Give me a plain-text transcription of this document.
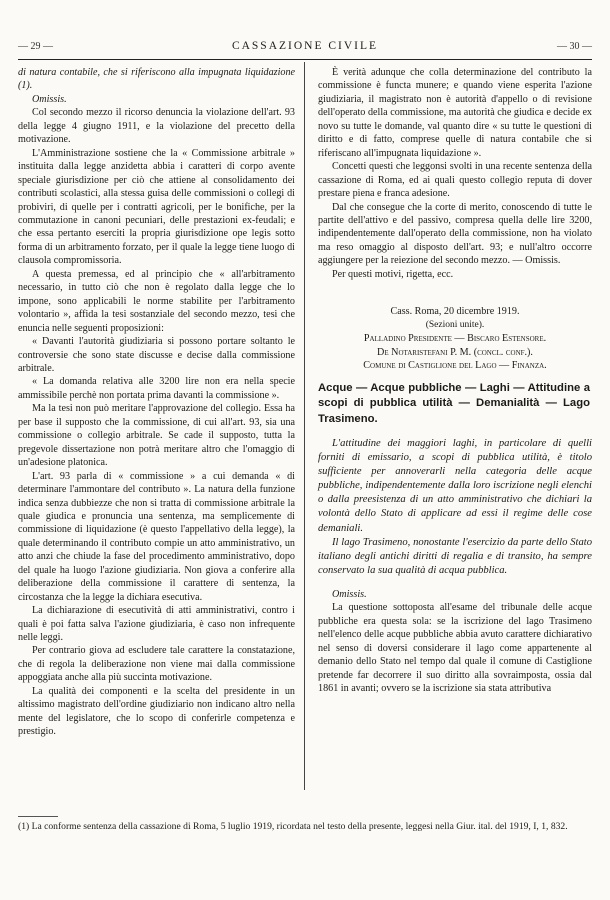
— 29 —	CASSAZIONE CIVILE	— 30 —

di natura contabile, che si riferiscono alla impugnata liquidazione (1).

Omissis.

Col secondo mezzo il ricorso denuncia la violazione dell'art. 93 della legge 4 giugno 1911, e la violazione del precetto della motivazione.

L'Amministrazione sostiene che la « Commissione arbitrale » instituita dalla legge anzidetta abbia i caratteri di corpo avente speciale giurisdizione per ciò che attiene al consolidamento dei contributi scolastici, alla stessa guisa delle commissioni o collegi di probiviri, di quelle per i contratti agricoli, per le bonifiche, per la commutazione in canoni pecuniari, delle prestazioni ex-feudali; e che essa pertanto eserciti la propria giurisdizione ope legis sotto forma di un arbitramento forzato, per il quale la legge tiene luogo di clausola compromissoria.

A questa premessa, ed al principio che « all'arbitramento necessario, in tutto ciò che non è regolato dalla legge che lo impone, sono applicabili le norme stabilite per l'arbitramento volontario », affida la tesi sostanziale del secondo mezzo, tesi che enuncia nelle seguenti proposizioni:

« Davanti l'autorità giudiziaria si possono portare soltanto le controversie che sono state discusse e decise dalla commissione arbitrale.

« La domanda relativa alle 3200 lire non era nella specie ammissibile perchè non portata prima davanti la commissione ».

Ma la tesi non può meritare l'approvazione del collegio. Essa ha per base il supposto che la commissione, di cui all'art. 93, sia una commissione o collegio arbitrale. Se cade il supposto, tutta la pregevole dissertazione non potrà meritare altro che l'omaggio di un'adesione platonica.

L'art. 93 parla di « commissione » a cui demanda « di determinare l'ammontare del contributo ». La natura della funzione indica senza dubbiezze che non si tratta di commissione arbitrale la quale giudica e pronuncia una sentenza, ma semplicemente di commissione di liquidazione (è questo l'appellativo della legge), la quale determinando il contributo compie un atto amministrativo, un atto anzi che chiude la fase del procedimento amministrativo, dopo del quale ha luogo l'azione giudiziaria. Non giova a conferire alla deliberazione della commissione il carattere di sentenza, la circostanza che la legge la dichiara esecutiva.

La dichiarazione di esecutività di atti amministrativi, contro i quali è poi fatta salva l'azione giudiziaria, è caso non infrequente nelle leggi.

Per contrario giova ad escludere tale carattere la constatazione, che di regola la deliberazione non viene mai dalla commissione appoggiata anche alla più succinta motivazione.

La qualità dei componenti e la scelta del presidente in un altissimo magistrato dell'ordine giudiziario non indicano altro nella mente del legislatore, che lo scopo di conferirle competenza e prestigio.

È verità adunque che colla determinazione del contributo la commissione è functa munere; e quando viene esperita l'azione giudiziaria, il magistrato non è autorità d'appello o di revisione dell'operato della commissione, ma autorità che giudica e decide ex novo su tutte le domande, val quanto dire « su tutte le questioni di diritto e di fatto, comprese quelle di natura contabile che si riferiscano all'impugnata liquidazione ».

Concetti questi che leggonsi svolti in una recente sentenza della cassazione di Roma, ed ai quali questo collegio reputa di dover prestare piena e franca adesione.

Dal che consegue che la corte di merito, conoscendo di tutte le partite dell'attivo e del passivo, compresa quella delle lire 3200, indipendentemente dall'operato della commissione, non ha violato ma reso omaggio al disposto dell'art. 93; e null'altro occorre aggiungere per la reiezione del secondo mezzo. — Omissis.

Per questi motivi, rigetta, ecc.

Cass. Roma, 20 dicembre 1919.

(Sezioni unite).

Palladino Presidente — Biscaro Estensore.

De Notaristefani P. M. (concl. conf.).

Comune di Castiglione del Lago — Finanza.

Acque — Acque pubbliche — Laghi — Attitudine a scopi di pubblica utilità — Demanialità — Lago Trasimeno.

L'attitudine dei maggiori laghi, in particolare di quelli forniti di emissario, a scopi di pubblica utilità, è titolo sufficiente per annoverarli nella categoria delle acque pubbliche, indipendentemente dalla loro iscrizione negli elenchi o dalla preesistenza di un atto amministrativo che dichiari la volontà dello Stato di applicare ad essi il regime delle cose demaniali.

Il lago Trasimeno, nonostante l'esercizio da parte dello Stato italiano degli antichi diritti di regalia e di transito, ha sempre conservato la sua qualità di acqua pubblica.

Omissis.

La questione sottoposta all'esame del tribunale delle acque pubbliche era questa sola: se la iscrizione del lago Trasimeno nell'elenco delle acque pubbliche abbia avuto carattere dichiarativo nel senso di doversi considerare il lago come appartenente al demanio dello Stato nel tempo dal quale il comune di Castiglione pretende far decorrere il suo diritto alla sovraimposta, ossia dal 1861 in avanti; ovvero se la iscrizione sia stata attributiva

(1) La conforme sentenza della cassazione di Roma, 5 luglio 1919, ricordata nel testo della presente, leggesi nella Giur. ital. del 1919, I, 1, 832.
